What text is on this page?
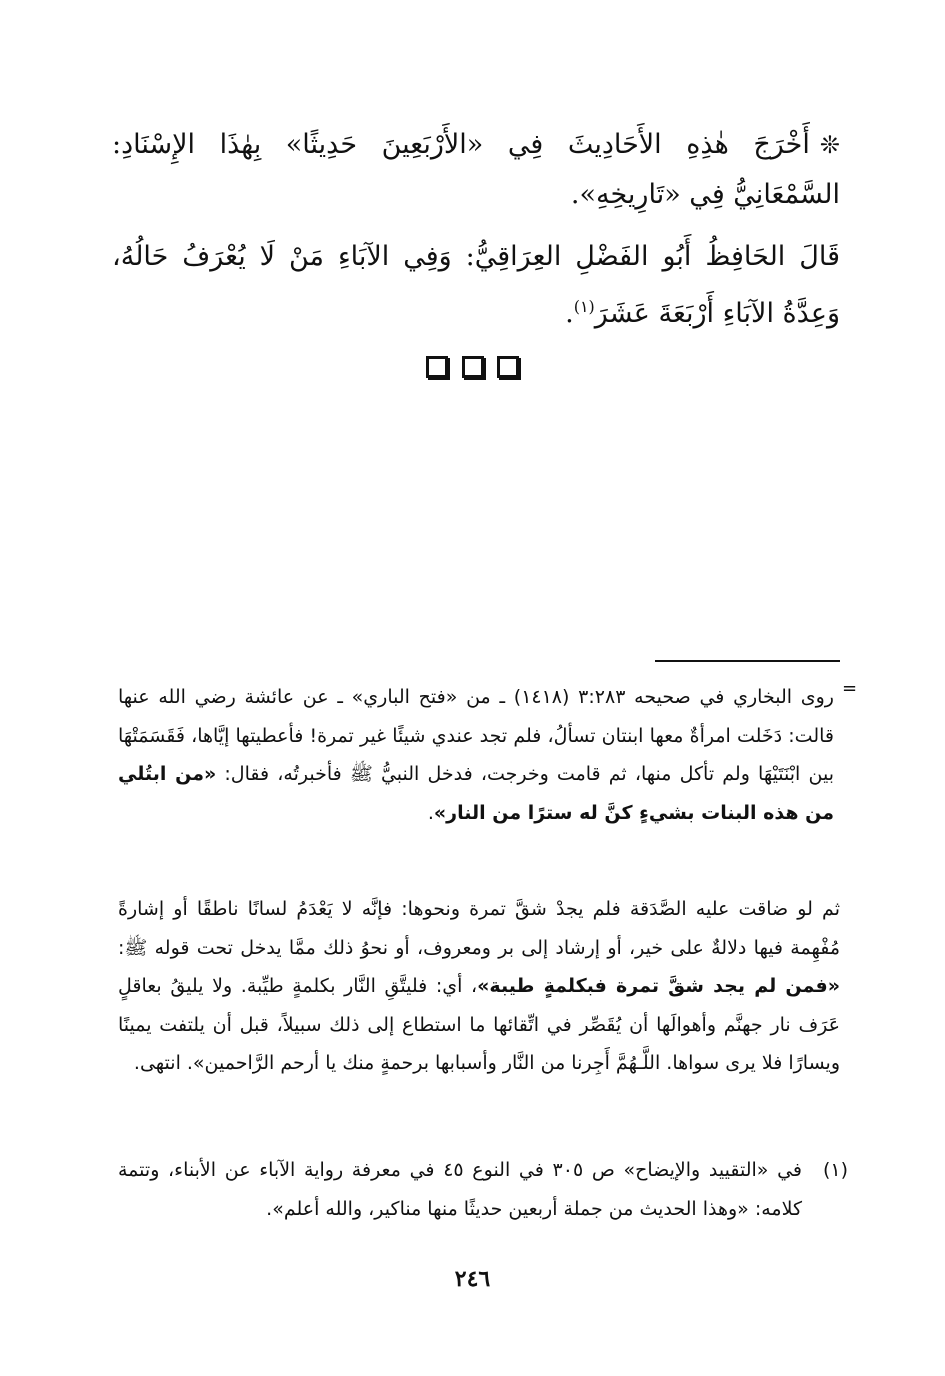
❊أَخْرَجَ هٰذِهِ الأَحَادِيثَ فِي «الأَرْبَعِينَ حَدِيثًا» بِهٰذَا الإِسْنَادِ: السَّمْعَانِيُّ فِي «تَارِيخِهِ».

قَالَ الحَافِظُ أَبُو الفَضْلِ العِرَاقِيُّ: وَفِي الآبَاءِ مَنْ لَا يُعْرَفُ حَالُهُ، وَعِدَّةُ الآبَاءِ أَرْبَعَةَ عَشَرَ$^{(١)}$.

=

روى البخاري في صحيحه ٣:٢٨٣ (١٤١٨) ـ من «فتح الباري» ـ عن عائشة رضي الله عنها قالت: دَخَلت امرأةٌ معها ابنتان تسألُ، فلم تجد عندي شيئًا غير تمرة! فأعطيتها إيَّاها، فَقَسَمَتْهَا بين ابْنَتَيْهَا ولم تأكل منها، ثم قامت وخرجت، فدخل النبيُّ ﷺ فأخبرتُه، فقال: «من ابتُلي من هذه البنات بشيءٍ كنَّ له سترًا من النار».

ثم لو ضاقت عليه الصَّدَقة فلم يجدْ شقَّ تمرة ونحوها: فإنَّه لا يَعْدَمُ لسانًا ناطقًا أو إشارةً مُفْهِمة فيها دلالةٌ على خير، أو إرشاد إلى بر ومعروف، أو نحوُ ذلك ممَّا يدخل تحت قوله ﷺ: «فمن لم يجد شقَّ تمرة فبكلمةٍ طيبة»، أي: فليتَّقِ النَّار بكلمةٍ طيِّبة. ولا يليقُ بعاقلٍ عَرَف نار جهنَّم وأهوالَها أن يُقَصِّر في اتِّقائها ما استطاع إلى ذلك سبيلاً، قبل أن يلتفت يمينًا ويسارًا فلا يرى سواها. اللَّـهُمَّ أَجِرنا من النَّار وأسبابها برحمةٍ منك يا أرحم الرَّاحمين». انتهى.

(١)

في «التقييد والإيضاح» ص ٣٠٥ في النوع ٤٥ في معرفة رواية الآباء عن الأبناء، وتتمة كلامه: «وهذا الحديث من جملة أربعين حديثًا منها مناكير، والله أعلم».

٢٤٦
